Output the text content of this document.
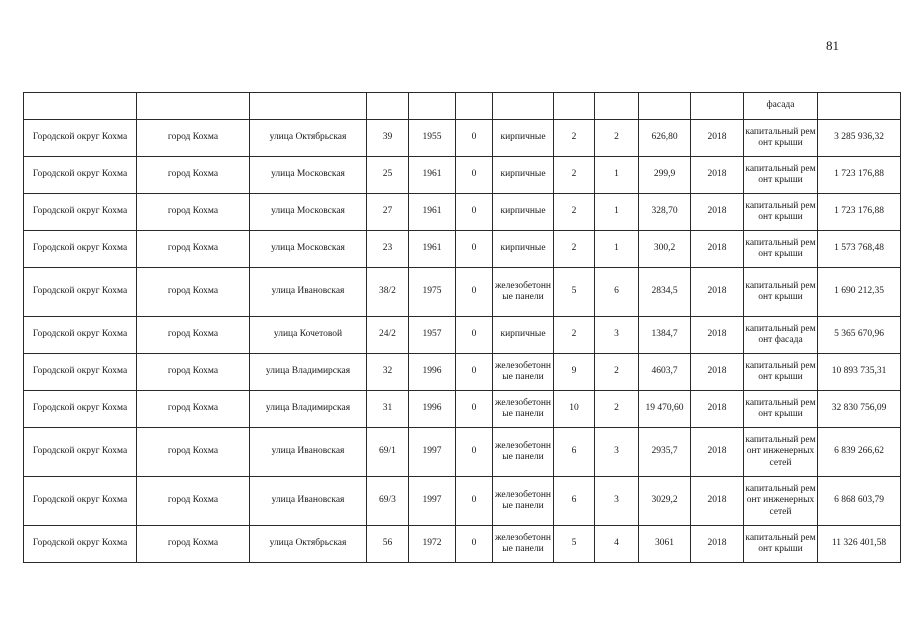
81

											фасада	

Городской округ Кохма	город Кохма	улица Октябрьская	39	1955	0	кирпичные	2	2	626,80	2018	капитальный ремонт крыши	3 285 936,32

Городской округ Кохма	город Кохма	улица Московская	25	1961	0	кирпичные	2	1	299,9	2018	капитальный ремонт крыши	1 723 176,88

Городской округ Кохма	город Кохма	улица Московская	27	1961	0	кирпичные	2	1	328,70	2018	капитальный ремонт крыши	1 723 176,88

Городской округ Кохма	город Кохма	улица Московская	23	1961	0	кирпичные	2	1	300,2	2018	капитальный ремонт крыши	1 573 768,48

Городской округ Кохма	город Кохма	улица Ивановская	38/2	1975	0	железобетонные панели	5	6	2834,5	2018	капитальный ремонт крыши	1 690 212,35

Городской округ Кохма	город Кохма	улица Кочетовой	24/2	1957	0	кирпичные	2	3	1384,7	2018	капитальный ремонт фасада	5 365 670,96

Городской округ Кохма	город Кохма	улица Владимирская	32	1996	0	железобетонные панели	9	2	4603,7	2018	капитальный ремонт крыши	10 893 735,31

Городской округ Кохма	город Кохма	улица Владимирская	31	1996	0	железобетонные панели	10	2	19 470,60	2018	капитальный ремонт крыши	32 830 756,09

Городской округ Кохма	город Кохма	улица Ивановская	69/1	1997	0	железобетонные панели	6	3	2935,7	2018	капитальный ремонт инженерных сетей	6 839 266,62

Городской округ Кохма	город Кохма	улица Ивановская	69/3	1997	0	железобетонные панели	6	3	3029,2	2018	капитальный ремонт инженерных сетей	6 868 603,79

Городской округ Кохма	город Кохма	улица Октябрьская	56	1972	0	железобетонные панели	5	4	3061	2018	капитальный ремонт крыши	11 326 401,58
